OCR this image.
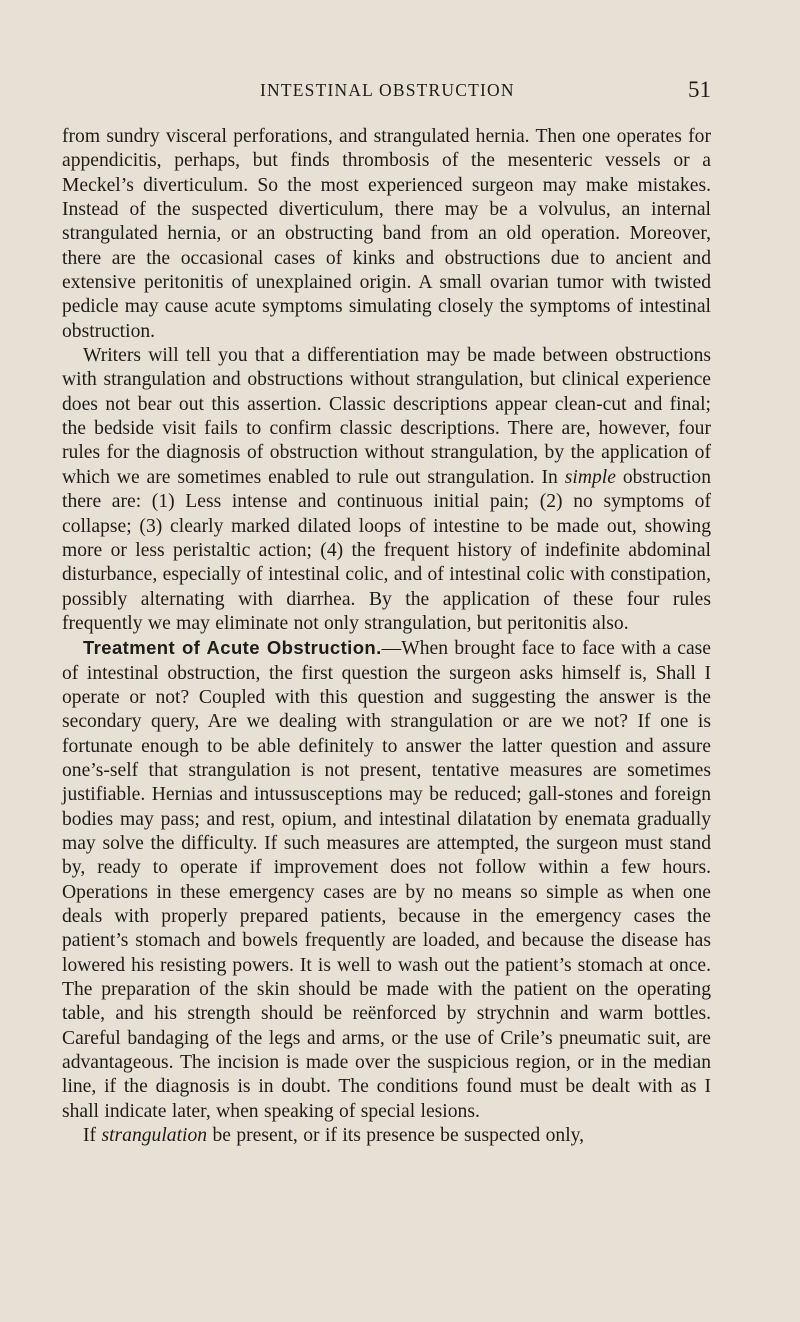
INTESTINAL OBSTRUCTION	51

from sundry visceral perforations, and strangulated hernia. Then one operates for appendicitis, perhaps, but finds thrombosis of the mesenteric vessels or a Meckel’s diverticulum. So the most experienced surgeon may make mistakes. Instead of the suspected diverticulum, there may be a volvulus, an internal strangulated hernia, or an obstructing band from an old operation. Moreover, there are the occasional cases of kinks and obstructions due to ancient and extensive peritonitis of unexplained origin. A small ovarian tumor with twisted pedicle may cause acute symptoms simulating closely the symptoms of intestinal obstruction.

Writers will tell you that a differentiation may be made between obstructions with strangulation and obstructions without strangulation, but clinical experience does not bear out this assertion. Classic descriptions appear clean-cut and final; the bedside visit fails to confirm classic descriptions. There are, however, four rules for the diagnosis of obstruction without strangulation, by the application of which we are sometimes enabled to rule out strangulation. In simple obstruction there are: (1) Less intense and continuous initial pain; (2) no symptoms of collapse; (3) clearly marked dilated loops of intestine to be made out, showing more or less peristaltic action; (4) the frequent history of indefinite abdominal disturbance, especially of intestinal colic, and of intestinal colic with constipation, possibly alternating with diarrhea. By the application of these four rules frequently we may eliminate not only strangulation, but peritonitis also.

Treatment of Acute Obstruction.—When brought face to face with a case of intestinal obstruction, the first question the surgeon asks himself is, Shall I operate or not? Coupled with this question and suggesting the answer is the secondary query, Are we dealing with strangulation or are we not? If one is fortunate enough to be able definitely to answer the latter question and assure one’s-self that strangulation is not present, tentative measures are sometimes justifiable. Hernias and intussusceptions may be reduced; gall-stones and foreign bodies may pass; and rest, opium, and intestinal dilatation by enemata gradually may solve the difficulty. If such measures are attempted, the surgeon must stand by, ready to operate if improvement does not follow within a few hours. Operations in these emergency cases are by no means so simple as when one deals with properly prepared patients, because in the emergency cases the patient’s stomach and bowels frequently are loaded, and because the disease has lowered his resisting powers. It is well to wash out the patient’s stomach at once. The preparation of the skin should be made with the patient on the operating table, and his strength should be reënforced by strychnin and warm bottles. Careful bandaging of the legs and arms, or the use of Crile’s pneumatic suit, are advantageous. The incision is made over the suspicious region, or in the median line, if the diagnosis is in doubt. The conditions found must be dealt with as I shall indicate later, when speaking of special lesions.

If strangulation be present, or if its presence be suspected only,
